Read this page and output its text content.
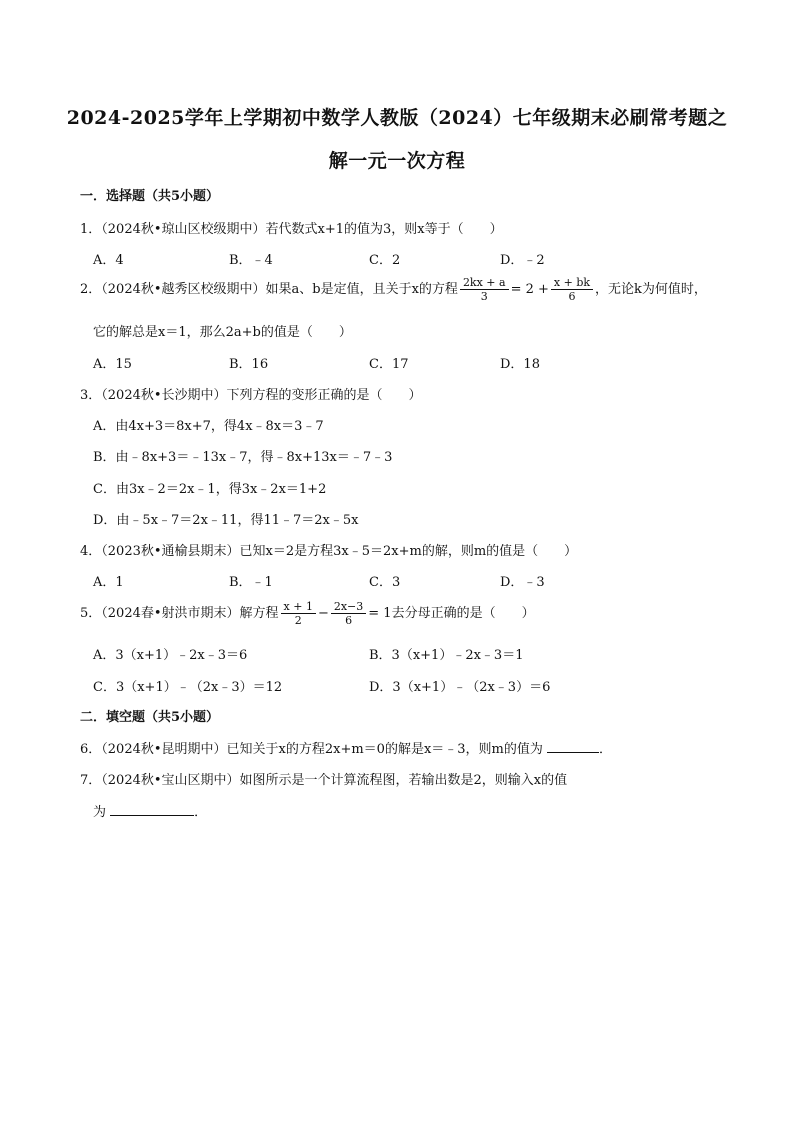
2024-2025学年上学期初中数学人教版（2024）七年级期末必刷常考题之
解一元一次方程
一．选择题（共5小题）
1．（2024秋•琼山区校级期中）若代数式x+1的值为3，则x等于（　　）
A．4	B．﹣4	C．2	D．﹣2
2．（2024秋•越秀区校级期中）如果a、b是定值，且关于x的方程 $\frac{2kx + a}{3} = 2 + \frac{x + bk}{6}$ ，无论k为何值时，
它的解总是x＝1，那么2a+b的值是（　　）
A．15	B．16	C．17	D．18
3．（2024秋•长沙期中）下列方程的变形正确的是（　　）
A．由4x+3＝8x+7，得4x﹣8x＝3﹣7
B．由﹣8x+3＝﹣13x﹣7，得﹣8x+13x＝﹣7﹣3
C．由3x﹣2＝2x﹣1，得3x﹣2x＝1+2
D．由﹣5x﹣7＝2x﹣11，得11﹣7＝2x﹣5x
4．（2023秋•通榆县期末）已知x＝2是方程3x﹣5＝2x+m的解，则m的值是（　　）
A．1	B．﹣1	C．3	D．﹣3
5．（2024春•射洪市期末）解方程 $\frac{x + 1}{2} - \frac{2x-3}{6} = 1$去分母正确的是（　　）
A．3（x+1）﹣2x﹣3＝6	B．3（x+1）﹣2x﹣3＝1
C．3（x+1）﹣（2x﹣3）＝12	D．3（x+1）﹣（2x﹣3）＝6
二．填空题（共5小题）
6．（2024秋•昆明期中）已知关于x的方程2x+m＝0的解是x＝﹣3，则m的值为	．
7．（2024秋•宝山区期中）如图所示是一个计算流程图，若输出数是2，则输入x的值
为	．
